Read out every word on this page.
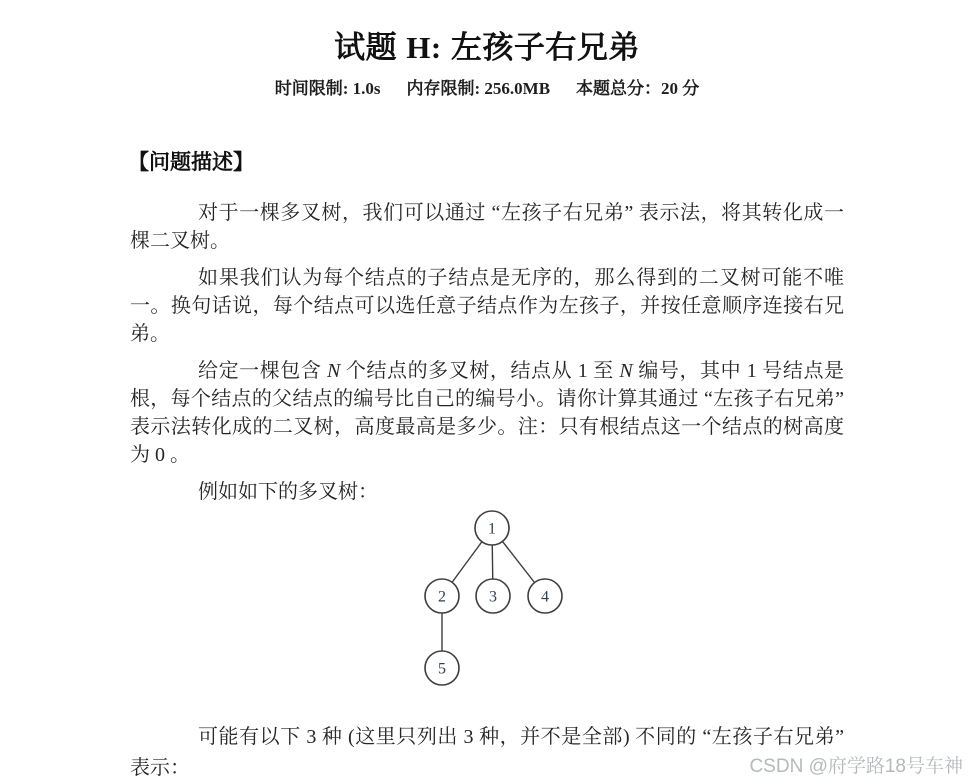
试题 H: 左孩子右兄弟
时间限制: 1.0s 内存限制: 256.0MB 本题总分：20 分
【问题描述】

对于一棵多叉树，我们可以通过 “左孩子右兄弟” 表示法，将其转化成一棵二叉树。

如果我们认为每个结点的子结点是无序的，那么得到的二叉树可能不唯一。换句话说，每个结点可以选任意子结点作为左孩子，并按任意顺序连接右兄弟。

给定一棵包含 N 个结点的多叉树，结点从 1 至 N 编号，其中 1 号结点是根，每个结点的父结点的编号比自己的编号小。请你计算其通过 “左孩子右兄弟” 表示法转化成的二叉树，高度最高是多少。注：只有根结点这一个结点的树高度为 0 。

例如如下的多叉树：

1
2	3	4
5

可能有以下 3 种 (这里只列出 3 种，并不是全部) 不同的 “左孩子右兄弟” 表示：	CSDN @府学路18号车神
